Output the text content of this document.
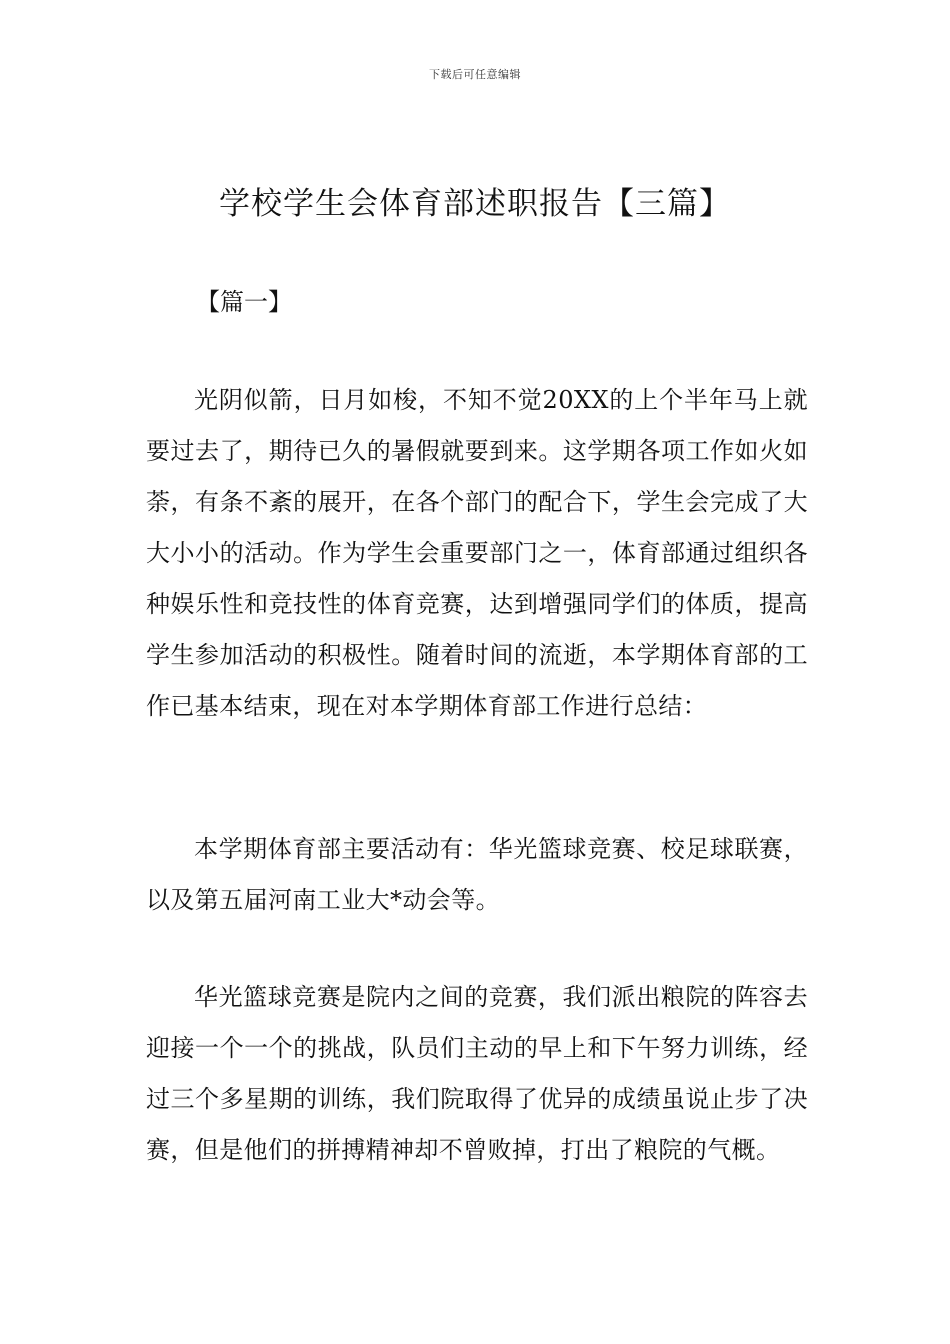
下载后可任意编辑
学校学生会体育部述职报告【三篇】
【篇一】

光阴似箭，日月如梭，不知不觉20XX的上个半年马上就要过去了，期待已久的暑假就要到来。这学期各项工作如火如荼，有条不紊的展开，在各个部门的配合下，学生会完成了大大小小的活动。作为学生会重要部门之一，体育部通过组织各种娱乐性和竞技性的体育竞赛，达到增强同学们的体质，提高学生参加活动的积极性。随着时间的流逝，本学期体育部的工作已基本结束，现在对本学期体育部工作进行总结：

本学期体育部主要活动有：华光篮球竞赛、校足球联赛，以及第五届河南工业大*动会等。

华光篮球竞赛是院内之间的竞赛，我们派出粮院的阵容去迎接一个一个的挑战，队员们主动的早上和下午努力训练，经过三个多星期的训练，我们院取得了优异的成绩虽说止步了决赛，但是他们的拼搏精神却不曾败掉，打出了粮院的气概。
